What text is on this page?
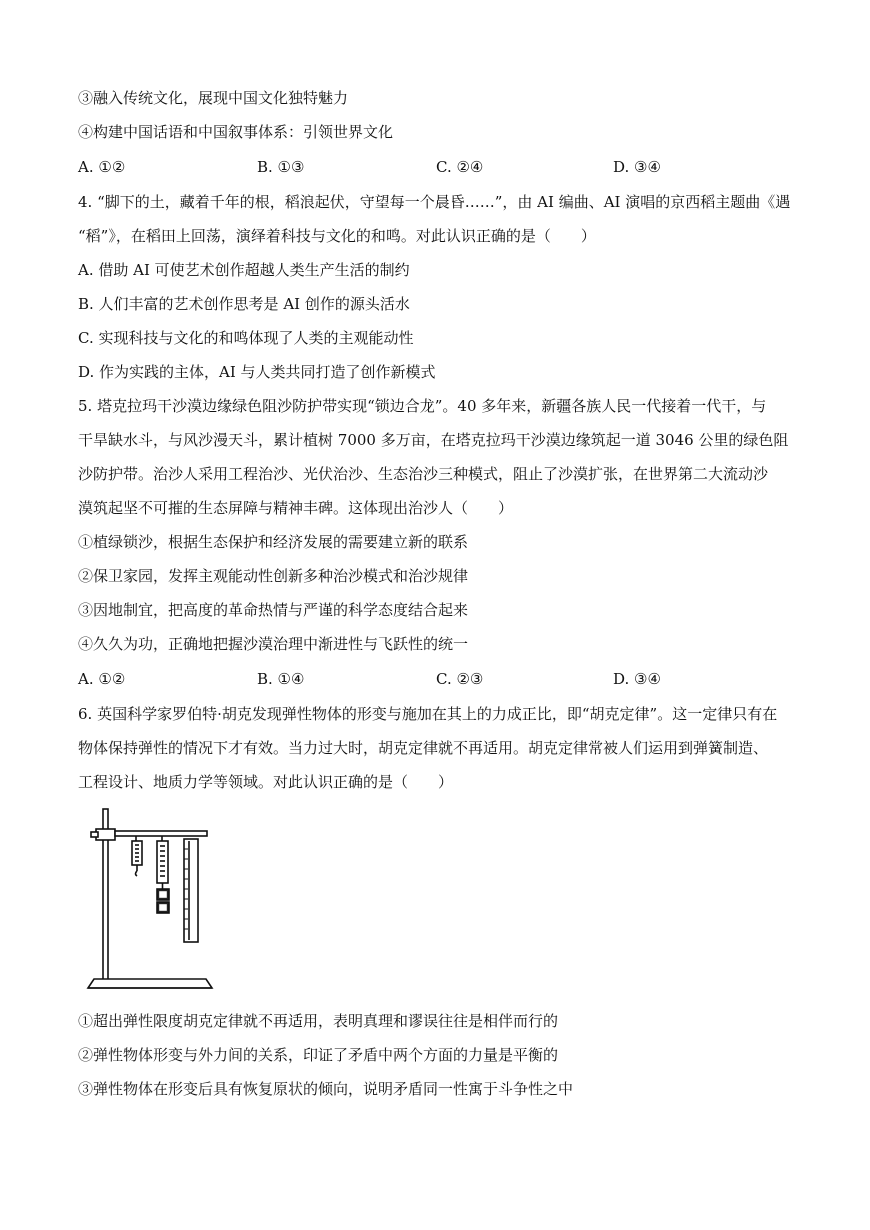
③融入传统文化，展现中国文化独特魅力
④构建中国话语和中国叙事体系：引领世界文化
A. ①②	B. ①③	C. ②④	D. ③④
4. “脚下的土，藏着千年的根，稻浪起伏，守望每一个晨昏……”，由 AI 编曲、AI 演唱的京西稻主题曲《遇
“稻”》，在稻田上回荡，演绎着科技与文化的和鸣。对此认识正确的是（　　）
A. 借助 AI 可使艺术创作超越人类生产生活的制约
B. 人们丰富的艺术创作思考是 AI 创作的源头活水
C. 实现科技与文化的和鸣体现了人类的主观能动性
D. 作为实践的主体，AI 与人类共同打造了创作新模式
5. 塔克拉玛干沙漠边缘绿色阻沙防护带实现“锁边合龙”。40 多年来，新疆各族人民一代接着一代干，与
干旱缺水斗，与风沙漫天斗，累计植树 7000 多万亩，在塔克拉玛干沙漠边缘筑起一道 3046 公里的绿色阻
沙防护带。治沙人采用工程治沙、光伏治沙、生态治沙三种模式，阻止了沙漠扩张，在世界第二大流动沙
漠筑起坚不可摧的生态屏障与精神丰碑。这体现出治沙人（　　）
①植绿锁沙，根据生态保护和经济发展的需要建立新的联系
②保卫家园，发挥主观能动性创新多种治沙模式和治沙规律
③因地制宜，把高度的革命热情与严谨的科学态度结合起来
④久久为功，正确地把握沙漠治理中渐进性与飞跃性的统一
A. ①②	B. ①④	C. ②③	D. ③④
6. 英国科学家罗伯特·胡克发现弹性物体的形变与施加在其上的力成正比，即“胡克定律”。这一定律只有在
物体保持弹性的情况下才有效。当力过大时，胡克定律就不再适用。胡克定律常被人们运用到弹簧制造、
工程设计、地质力学等领域。对此认识正确的是（　　）
①超出弹性限度胡克定律就不再适用，表明真理和谬误往往是相伴而行的
②弹性物体形变与外力间的关系，印证了矛盾中两个方面的力量是平衡的
③弹性物体在形变后具有恢复原状的倾向，说明矛盾同一性寓于斗争性之中
